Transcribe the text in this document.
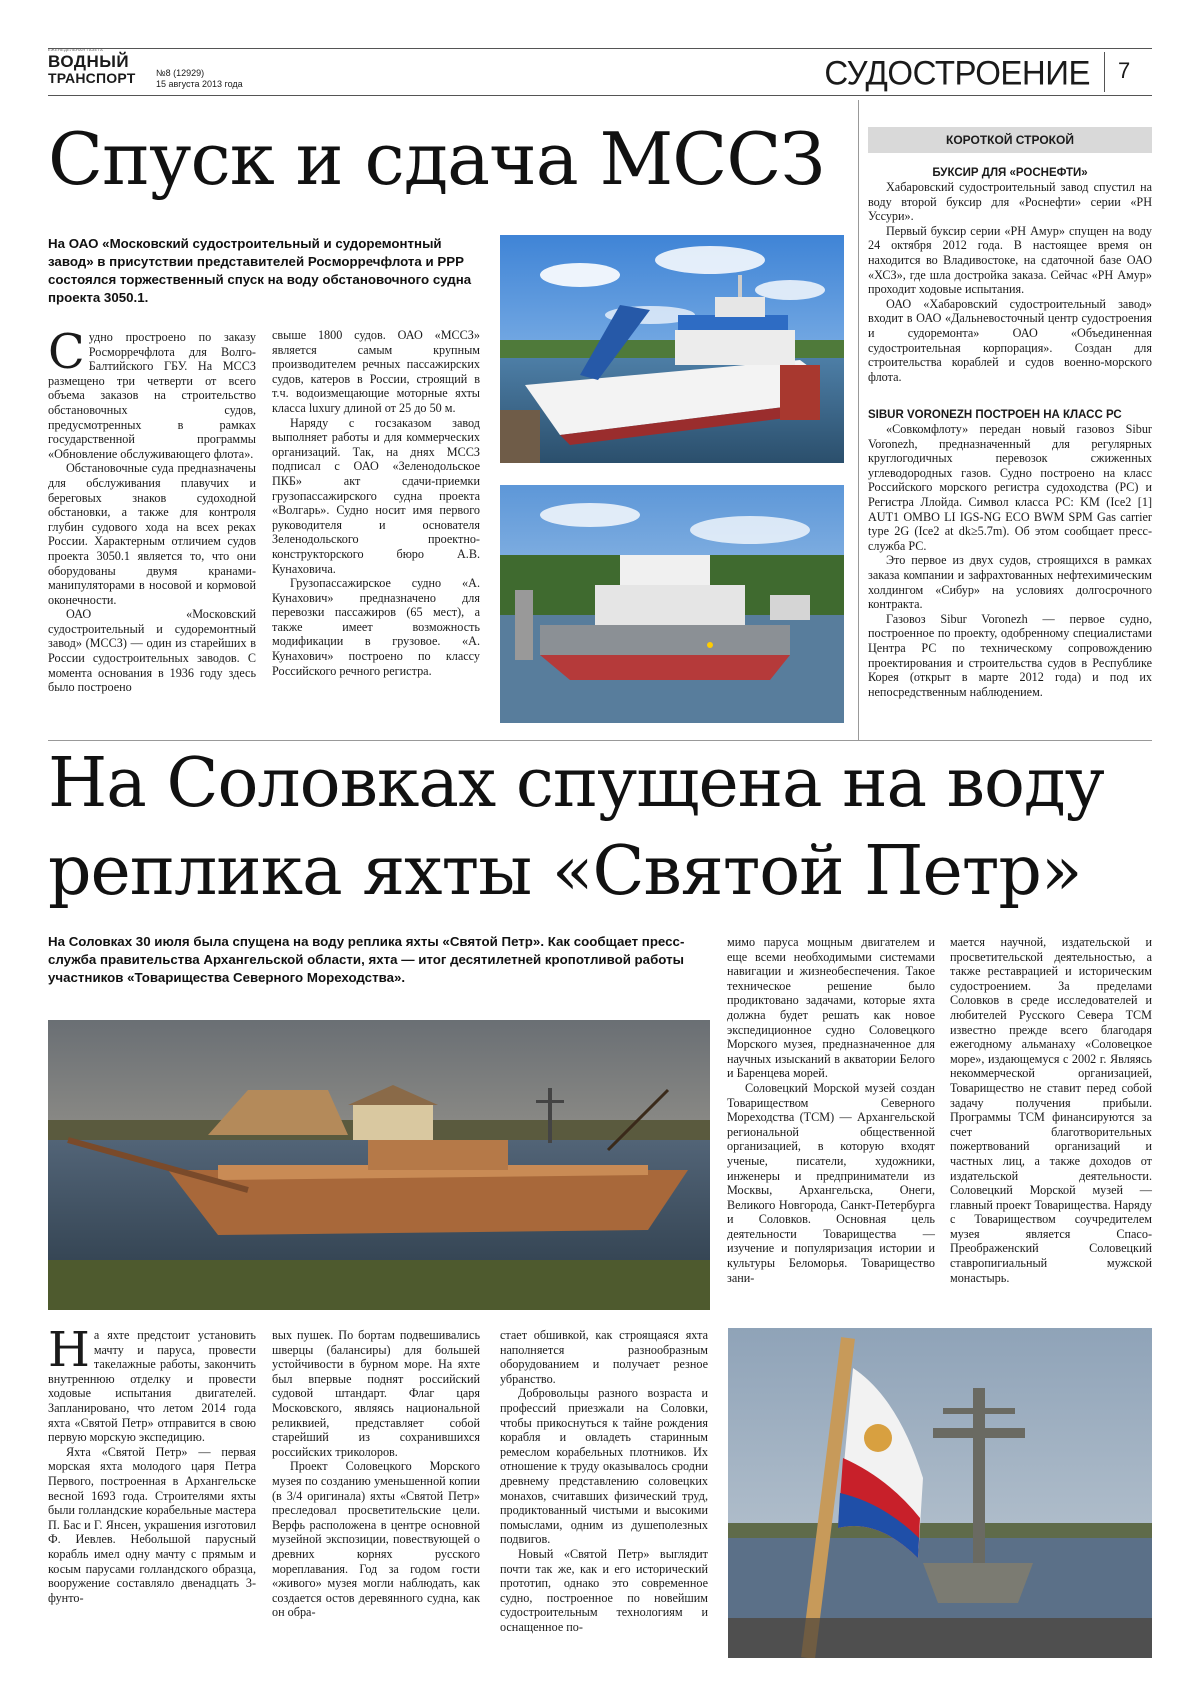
ЕЖЕНЕДЕЛЬНАЯ ГАЗЕТА
ВОДНЫЙ
ТРАНСПОРТ	№8 (12929)
15 августа 2013 года	СУДОСТРОЕНИЕ 7
Спуск и сдача МССЗ
На ОАО «Московский судостроительный и судоремонтный завод» в присутствии представителей Росморречфлота и РРР состоялся торжественный спуск на воду обстановочного судна проекта 3050.1.

Судно простроено по заказу Росморречфлота для Волго-Балтийского ГБУ. На МССЗ размещено три четверти от всего объема заказов на строительство обстановочных судов, предусмотренных в рамках государственной программы «Обновление обслуживающего флота».

Обстановочные суда предназначены для обслуживания плавучих и береговых знаков судоходной обстановки, а также для контроля глубин судового хода на всех реках России. Характерным отличием судов проекта 3050.1 является то, что они оборудованы двумя кранами-манипуляторами в носовой и кормовой оконечности.

ОАО «Московский судостроительный и судоремонтный завод» (МССЗ) — один из старейших в России судостроительных заводов. С момента основания в 1936 году здесь было построено

свыше 1800 судов. ОАО «МССЗ» является самым крупным производителем речных пассажирских судов, катеров в России, строящий в т.ч. водоизмещающие моторные яхты класса luxury длиной от 25 до 50 м.

Наряду с госзаказом завод выполняет работы и для коммерческих организаций. Так, на днях МССЗ подписал с ОАО «Зеленодольское ПКБ» акт сдачи-приемки грузопассажирского судна проекта «Волгарь». Судно носит имя первого руководителя и основателя Зеленодольского проектно-конструкторского бюро А.В. Кунаховича.

Грузопассажирское судно «А. Кунахович» предназначено для перевозки пассажиров (65 мест), а также имеет возможность модификации в грузовое. «А. Кунахович» построено по классу Российского речного регистра.

КОРОТКОЙ СТРОКОЙ
БУКСИР ДЛЯ «РОСНЕФТИ»

Хабаровский судостроительный завод спустил на воду второй буксир для «Роснефти» серии «РН Уссури».

Первый буксир серии «РН Амур» спущен на воду 24 октября 2012 года. В настоящее время он находится во Владивостоке, на сдаточной базе ОАО «ХСЗ», где шла достройка заказа. Сейчас «РН Амур» проходит ходовые испытания.

ОАО «Хабаровский судостроительный завод» входит в ОАО «Дальневосточный центр судостроения и судоремонта» ОАО «Объединенная судостроительная корпорация». Создан для строительства кораблей и судов военно-морского флота.

SIBUR VORONEZH ПОСТРОЕН НА КЛАСС РС

«Совкомфлоту» передан новый газовоз Sibur Voronezh, предназначенный для регулярных круглогодичных перевозок сжиженных углеводородных газов. Судно построено на класс Российского морского регистра судоходства (РС) и Регистра Ллойда. Символ класса РС: KM (Ice2 [1] AUT1 OMBO LI IGS-NG ECO BWM SPM Gas carrier type 2G (Ice2 at dk≥5.7m). Об этом сообщает пресс-служба РС.

Это первое из двух судов, строящихся в рамках заказа компании и зафрахтованных нефтехимическим холдингом «Сибур» на условиях долгосрочного контракта.

Газовоз Sibur Voronezh — первое судно, построенное по проекту, одобренному специалистами Центра РС по техническому сопровождению проектирования и строительства судов в Республике Корея (открыт в марте 2012 года) и под их непосредственным наблюдением.

На Соловках спущена на воду
реплика яхты «Святой Петр»
На Соловках 30 июля была спущена на воду реплика яхты «Святой Петр». Как сообщает пресс-служба правительства Архангельской области, яхта — итог десятилетней кропотливой работы участников «Товарищества Северного Мореходства».

мимо паруса мощным двигателем и еще всеми необходимыми системами навигации и жизнеобеспечения. Такое техническое решение было продиктовано задачами, которые яхта должна будет решать как новое экспедиционное судно Соловецкого Морского музея, предназначенное для научных изысканий в акватории Белого и Баренцева морей.

Соловецкий Морской музей создан Товариществом Северного Мореходства (ТСМ) — Архангельской региональной общественной организацией, в которую входят ученые, писатели, художники, инженеры и предприниматели из Москвы, Архангельска, Онеги, Великого Новгорода, Санкт-Петербурга и Соловков. Основная цель деятельности Товарищества — изучение и популяризация истории и культуры Беломорья. Товарищество зани-

мается научной, издательской и просветительской деятельностью, а также реставрацией и историческим судостроением. За пределами Соловков в среде исследователей и любителей Русского Севера ТСМ известно прежде всего благодаря ежегодному альманаху «Соловецкое море», издающемуся с 2002 г. Являясь некоммерческой организацией, Товарищество не ставит перед собой задачу получения прибыли. Программы ТСМ финансируются за счет благотворительных пожертвований организаций и частных лиц, а также доходов от издательской деятельности. Соловецкий Морской музей — главный проект Товарищества. Наряду с Товариществом соучредителем музея является Спасо-Преображенский Соловецкий ставропигиальный мужской монастырь.

На яхте предстоит установить мачту и паруса, провести такелажные работы, закончить внутреннюю отделку и провести ходовые испытания двигателей. Запланировано, что летом 2014 года яхта «Святой Петр» отправится в свою первую морскую экспедицию.

Яхта «Святой Петр» — первая морская яхта молодого царя Петра Первого, построенная в Архангельске весной 1693 года. Строителями яхты были голландские корабельные мастера П. Бас и Г. Янсен, украшения изготовил Ф. Иевлев. Небольшой парусный корабль имел одну мачту с прямым и косым парусами голландского образца, вооружение составляло двенадцать 3-фунто-

вых пушек. По бортам подвешивались шверцы (балансиры) для большей устойчивости в бурном море. На яхте был впервые поднят российский судовой штандарт. Флаг царя Московского, являясь национальной реликвией, представляет собой старейший из сохранившихся российских триколоров.

Проект Соловецкого Морского музея по созданию уменьшенной копии (в 3/4 оригинала) яхты «Святой Петр» преследовал просветительские цели. Верфь расположена в центре основной музейной экспозиции, повествующей о древних корнях русского мореплавания. Год за годом гости «живого» музея могли наблюдать, как создается остов деревянного судна, как он обра-

стает обшивкой, как строящаяся яхта наполняется разнообразным оборудованием и получает резное убранство.

Добровольцы разного возраста и профессий приезжали на Соловки, чтобы прикоснуться к тайне рождения корабля и овладеть старинным ремеслом корабельных плотников. Их отношение к труду оказывалось сродни древнему представлению соловецких монахов, считавших физический труд, продиктованный чистыми и высокими помыслами, одним из душеполезных подвигов.

Новый «Святой Петр» выглядит почти так же, как и его исторический прототип, однако это современное судно, построенное по новейшим судостроительным технологиям и оснащенное по-
